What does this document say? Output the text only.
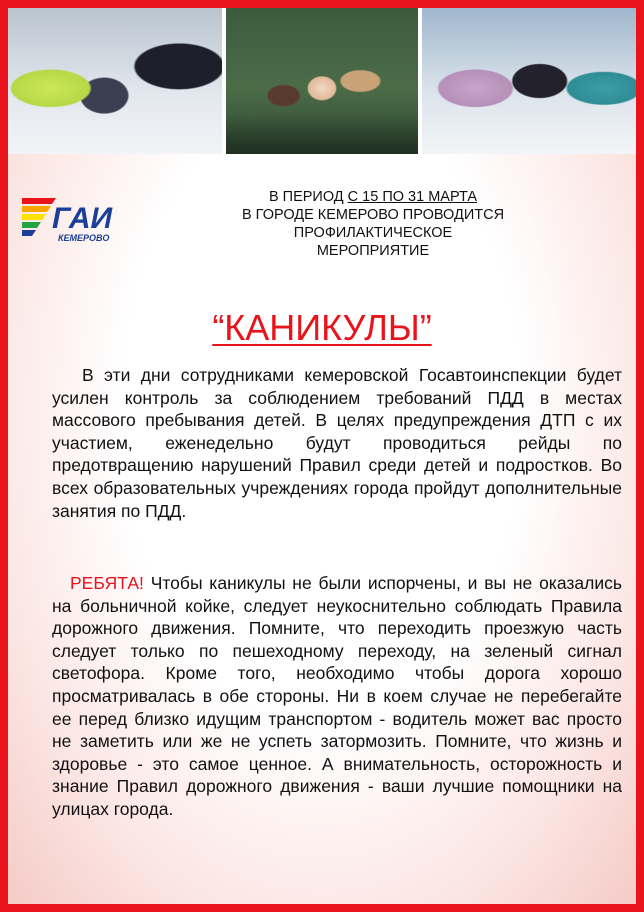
ГАИ
КЕМЕРОВО
В ПЕРИОД С 15 ПО 31 МАРТА
В ГОРОДЕ КЕМЕРОВО ПРОВОДИТСЯ
ПРОФИЛАКТИЧЕСКОЕ
МЕРОПРИЯТИЕ
“КАНИКУЛЫ”

В эти дни сотрудниками кемеровской Госавтоинспекции будет усилен контроль за соблюдением требований ПДД в местах массового пребывания детей. В целях предупреждения ДТП с их участием, еженедельно будут проводиться рейды по предотвращению нарушений Правил среди детей и подростков. Во всех образовательных учреждениях города пройдут дополнительные занятия по ПДД.

РЕБЯТА! Чтобы каникулы не были испорчены, и вы не оказались на больничной койке, следует неукоснительно соблюдать Правила дорожного движения. Помните, что переходить проезжую часть следует только по пешеходному переходу, на зеленый сигнал светофора. Кроме того, необходимо чтобы дорога хорошо просматривалась в обе стороны. Ни в коем случае не перебегайте ее перед близко идущим транспортом - водитель может вас просто не заметить или же не успеть затормозить. Помните, что жизнь и здоровье - это самое ценное. А внимательность, осторожность и знание Правил дорожного движения - ваши лучшие помощники на улицах города.
